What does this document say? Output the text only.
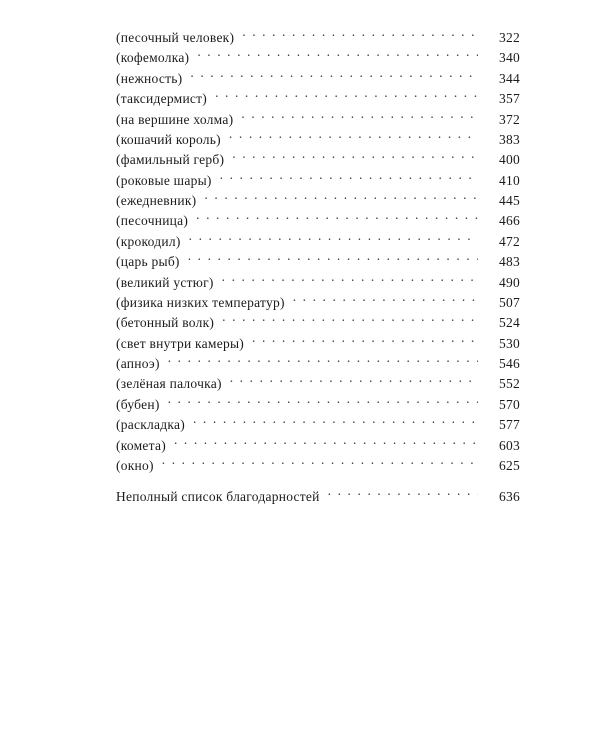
(песочный человек) . . .	322
(кофемолка) . . .	340
(нежность) . . .	344
(таксидермист) . . .	357
(на вершине холма) . . .	372
(кошачий король) . . .	383
(фамильный герб) . . .	400
(роковые шары) . . .	410
(ежедневник) . . .	445
(песочница) . . .	466
(крокодил) . . .	472
(царь рыб) . . .	483
(великий устюг) . . .	490
(физика низких температур) . . .	507
(бетонный волк) . . .	524
(свет внутри камеры) . . .	530
(апноэ) . . .	546
(зелёная палочка) . . .	552
(бубен) . . .	570
(раскладка) . . .	577
(комета) . . .	603
(окно) . . .	625
Неполный список благодарностей . . .	636
